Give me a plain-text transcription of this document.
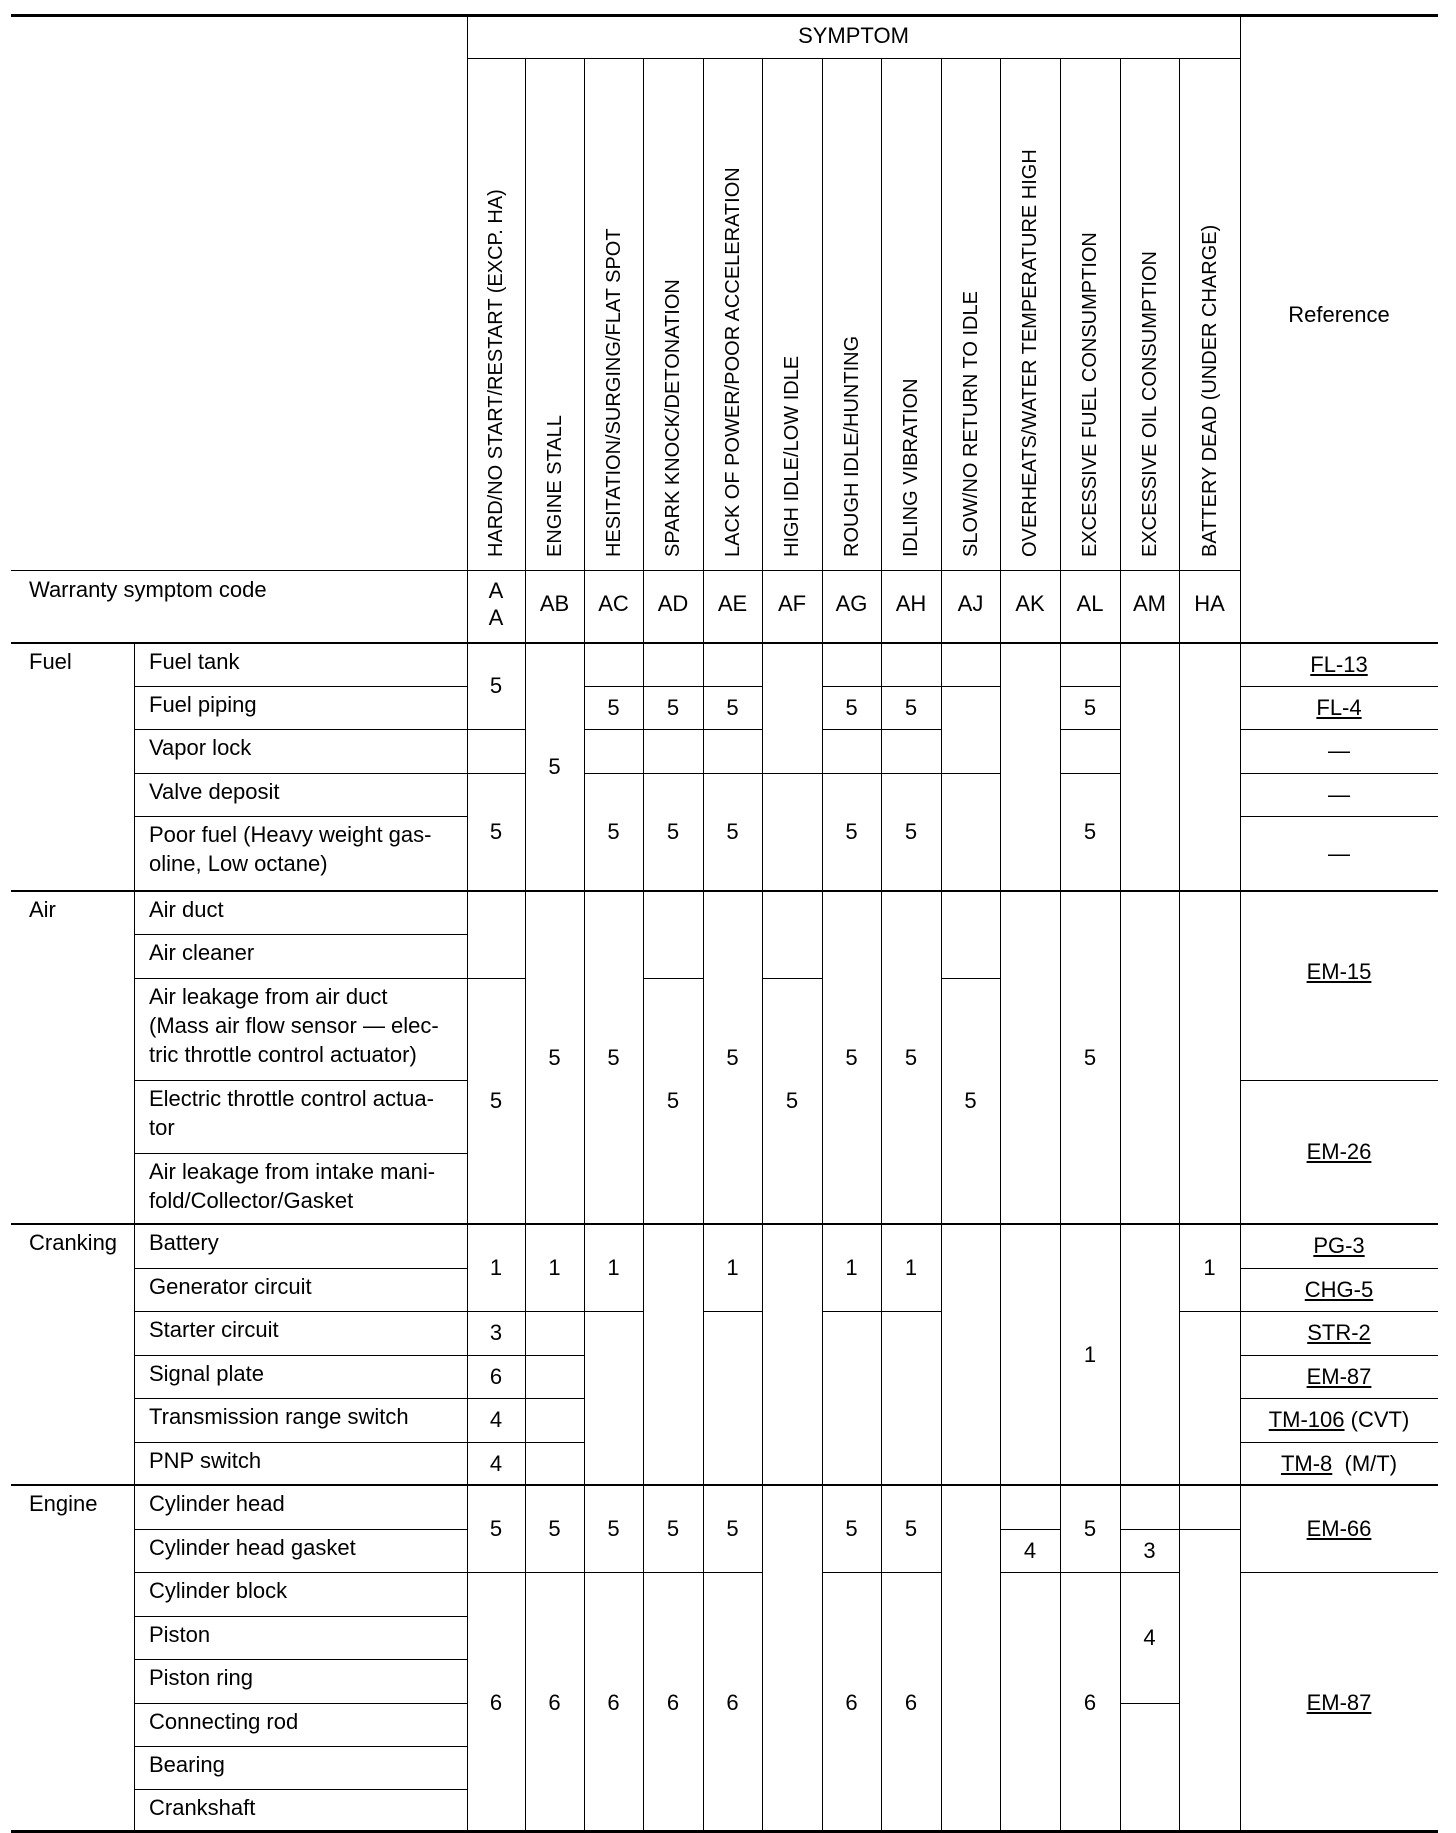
SYMPTOM
Reference
Warranty symptom code
HARD/NO START/RESTART (EXCP. HA)
A
A
ENGINE STALL
AB
HESITATION/SURGING/FLAT SPOT
AC
SPARK KNOCK/DETONATION
AD
LACK OF POWER/POOR ACCELERATION
AE
HIGH IDLE/LOW IDLE
AF
ROUGH IDLE/HUNTING
AG
IDLING VIBRATION
AH
SLOW/NO RETURN TO IDLE
AJ
OVERHEATS/WATER TEMPERATURE HIGH
AK
EXCESSIVE FUEL CONSUMPTION
AL
EXCESSIVE OIL CONSUMPTION
AM
BATTERY DEAD (UNDER CHARGE)
HA
Fuel
Air
Cranking
Engine
Fuel tank
Fuel piping
Vapor lock
Valve deposit
Poor fuel (Heavy weight gas-
oline, Low octane)
Air duct
Air cleaner
Air leakage from air duct
(Mass air flow sensor — elec-
tric throttle control actuator)
Electric throttle control actua-
tor
Air leakage from intake mani-
fold/Collector/Gasket
Battery
Generator circuit
Starter circuit
Signal plate
Transmission range switch
PNP switch
Cylinder head
Cylinder head gasket
Cylinder block
Piston
Piston ring
Connecting rod
Bearing
Crankshaft
5
5
5
1
3
6
4
4
5
6
5
5
1
5
6
5
5
5
1
5
6
5
5
5
5
6
5
5
5
1
5
6
5
5
5
5
1
5
6
5
5
5
1
5
6
5
4
5
5
5
1
5
6
3
4
1
FL-13
FL-4
—
—
—
EM-15
EM-26
PG-3
CHG-5
STR-2
EM-87
TM-106 (CVT)
TM-8  (M/T)
EM-66
EM-87
